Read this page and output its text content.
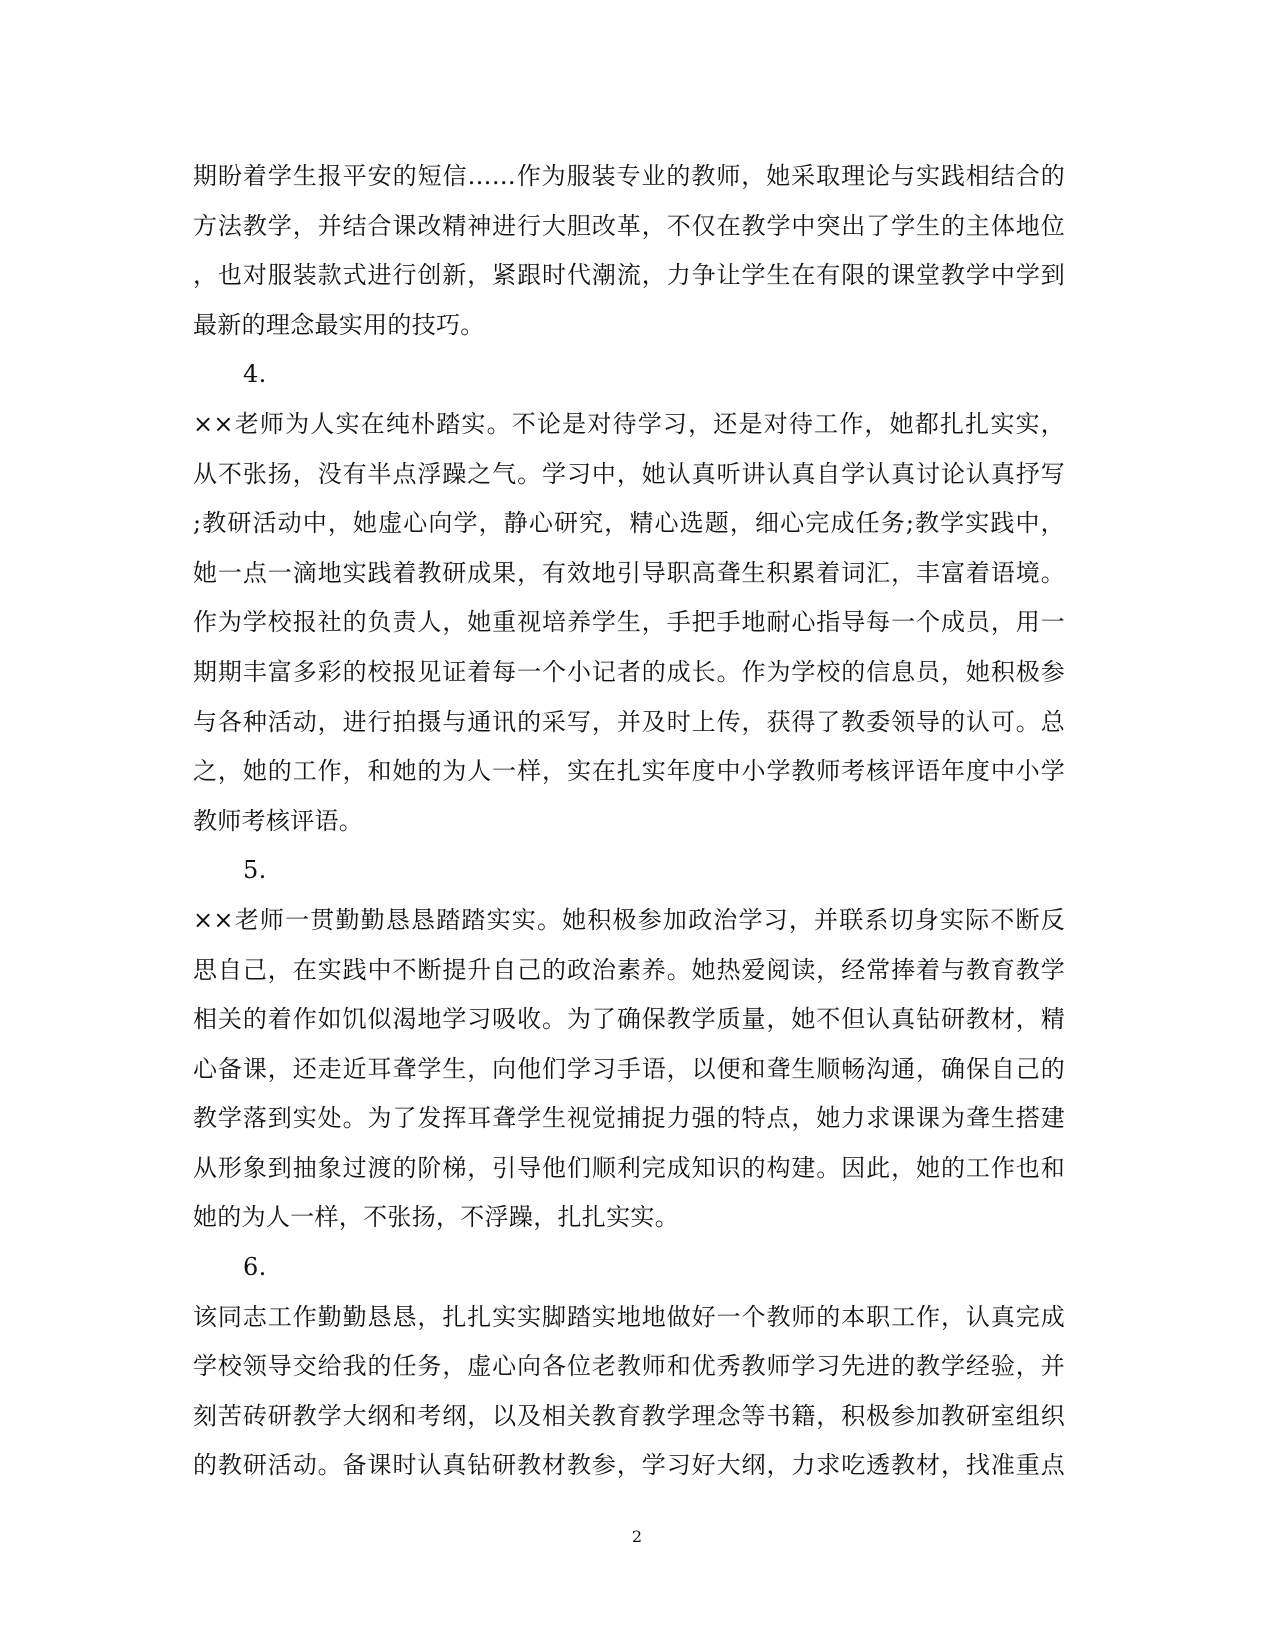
期盼着学生报平安的短信……作为服装专业的教师，她采取理论与实践相结合的
方法教学，并结合课改精神进行大胆改革，不仅在教学中突出了学生的主体地位
，也对服装款式进行创新，紧跟时代潮流，力争让学生在有限的课堂教学中学到
最新的理念最实用的技巧。
4.
××老师为人实在纯朴踏实。不论是对待学习，还是对待工作，她都扎扎实实，
从不张扬，没有半点浮躁之气。学习中，她认真听讲认真自学认真讨论认真抒写
;教研活动中，她虚心向学，静心研究，精心选题，细心完成任务;教学实践中，
她一点一滴地实践着教研成果，有效地引导职高聋生积累着词汇，丰富着语境。
作为学校报社的负责人，她重视培养学生，手把手地耐心指导每一个成员，用一
期期丰富多彩的校报见证着每一个小记者的成长。作为学校的信息员，她积极参
与各种活动，进行拍摄与通讯的采写，并及时上传，获得了教委领导的认可。总
之，她的工作，和她的为人一样，实在扎实年度中小学教师考核评语年度中小学
教师考核评语。
5.
××老师一贯勤勤恳恳踏踏实实。她积极参加政治学习，并联系切身实际不断反
思自己，在实践中不断提升自己的政治素养。她热爱阅读，经常捧着与教育教学
相关的着作如饥似渴地学习吸收。为了确保教学质量，她不但认真钻研教材，精
心备课，还走近耳聋学生，向他们学习手语，以便和聋生顺畅沟通，确保自己的
教学落到实处。为了发挥耳聋学生视觉捕捉力强的特点，她力求课课为聋生搭建
从形象到抽象过渡的阶梯，引导他们顺利完成知识的构建。因此，她的工作也和
她的为人一样，不张扬，不浮躁，扎扎实实。
6.
该同志工作勤勤恳恳，扎扎实实脚踏实地地做好一个教师的本职工作，认真完成
学校领导交给我的任务，虚心向各位老教师和优秀教师学习先进的教学经验，并
刻苦砖研教学大纲和考纲，以及相关教育教学理念等书籍，积极参加教研室组织
的教研活动。备课时认真钻研教材教参，学习好大纲，力求吃透教材，找准重点
2
